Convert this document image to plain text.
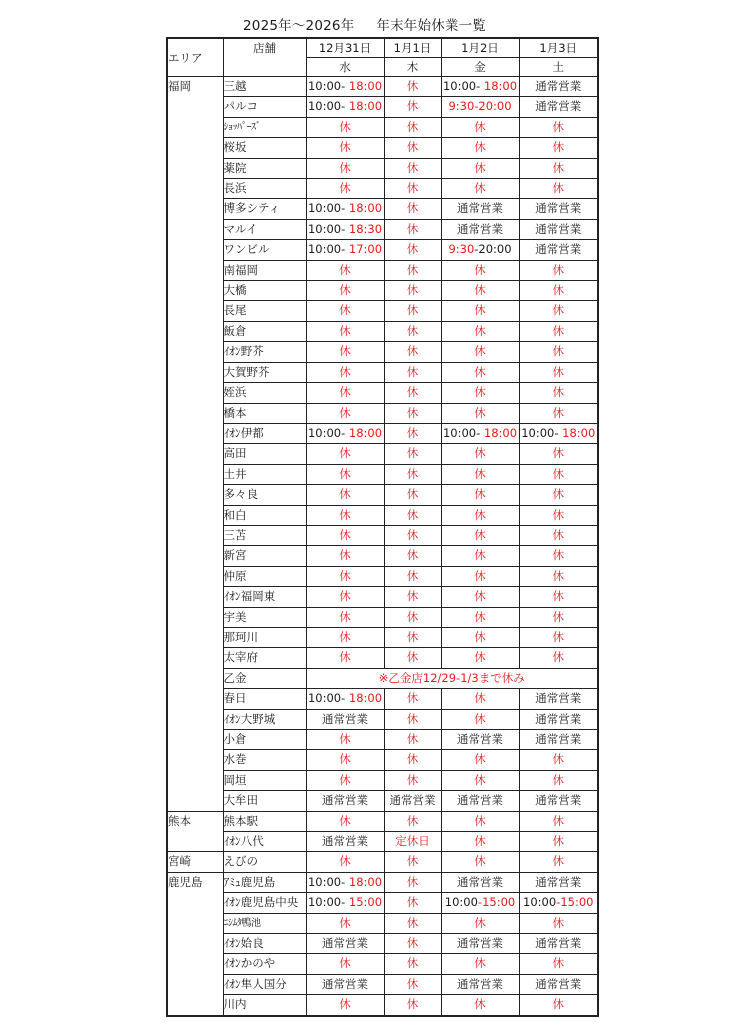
2025年～2026年 年末年始休業一覧
エリア	店舗	12月31日	1月1日	1月2日	1月3日
		水	木	金	土
福岡	三越	10:00- 18:00	休	10:00- 18:00	通常営業
	パルコ	10:00- 18:00	休	9:30-20:00	通常営業
	ｼｮｯﾊﾟｰｽﾞ	休	休	休	休
	桜坂	休	休	休	休
	薬院	休	休	休	休
	長浜	休	休	休	休
	博多シティ	10:00- 18:00	休	通常営業	通常営業
	マルイ	10:00- 18:30	休	通常営業	通常営業
	ワンビル	10:00- 17:00	休	9:30-20:00	通常営業
	南福岡	休	休	休	休
	大橋	休	休	休	休
	長尾	休	休	休	休
	飯倉	休	休	休	休
	ｲｵﾝ野芥	休	休	休	休
	大賀野芥	休	休	休	休
	姪浜	休	休	休	休
	橋本	休	休	休	休
	ｲｵﾝ伊都	10:00- 18:00	休	10:00- 18:00	10:00- 18:00
	高田	休	休	休	休
	土井	休	休	休	休
	多々良	休	休	休	休
	和白	休	休	休	休
	三苫	休	休	休	休
	新宮	休	休	休	休
	仲原	休	休	休	休
	ｲｵﾝ福岡東	休	休	休	休
	宇美	休	休	休	休
	那珂川	休	休	休	休
	太宰府	休	休	休	休
	乙金	※乙金店12/29-1/3まで休み			
	春日	10:00- 18:00	休	休	通常営業
	ｲｵﾝ大野城	通常営業	休	休	通常営業
	小倉	休	休	通常営業	通常営業
	水巻	休	休	休	休
	岡垣	休	休	休	休
	大牟田	通常営業	通常営業	通常営業	通常営業
熊本	熊本駅	休	休	休	休
	ｲｵﾝ八代	通常営業	定休日	休	休
宮崎	えびの	休	休	休	休
鹿児島	ｱﾐｭ鹿児島	10:00- 18:00	休	通常営業	通常営業
	ｲｵﾝ鹿児島中央	10:00- 15:00	休	10:00-15:00	10:00-15:00
	ﾆｼﾑﾀ鴨池	休	休	休	休
	ｲｵﾝ姶良	通常営業	休	通常営業	通常営業
	ｲｵﾝかのや	休	休	休	休
	ｲｵﾝ隼人国分	通常営業	休	通常営業	通常営業
	川内	休	休	休	休
